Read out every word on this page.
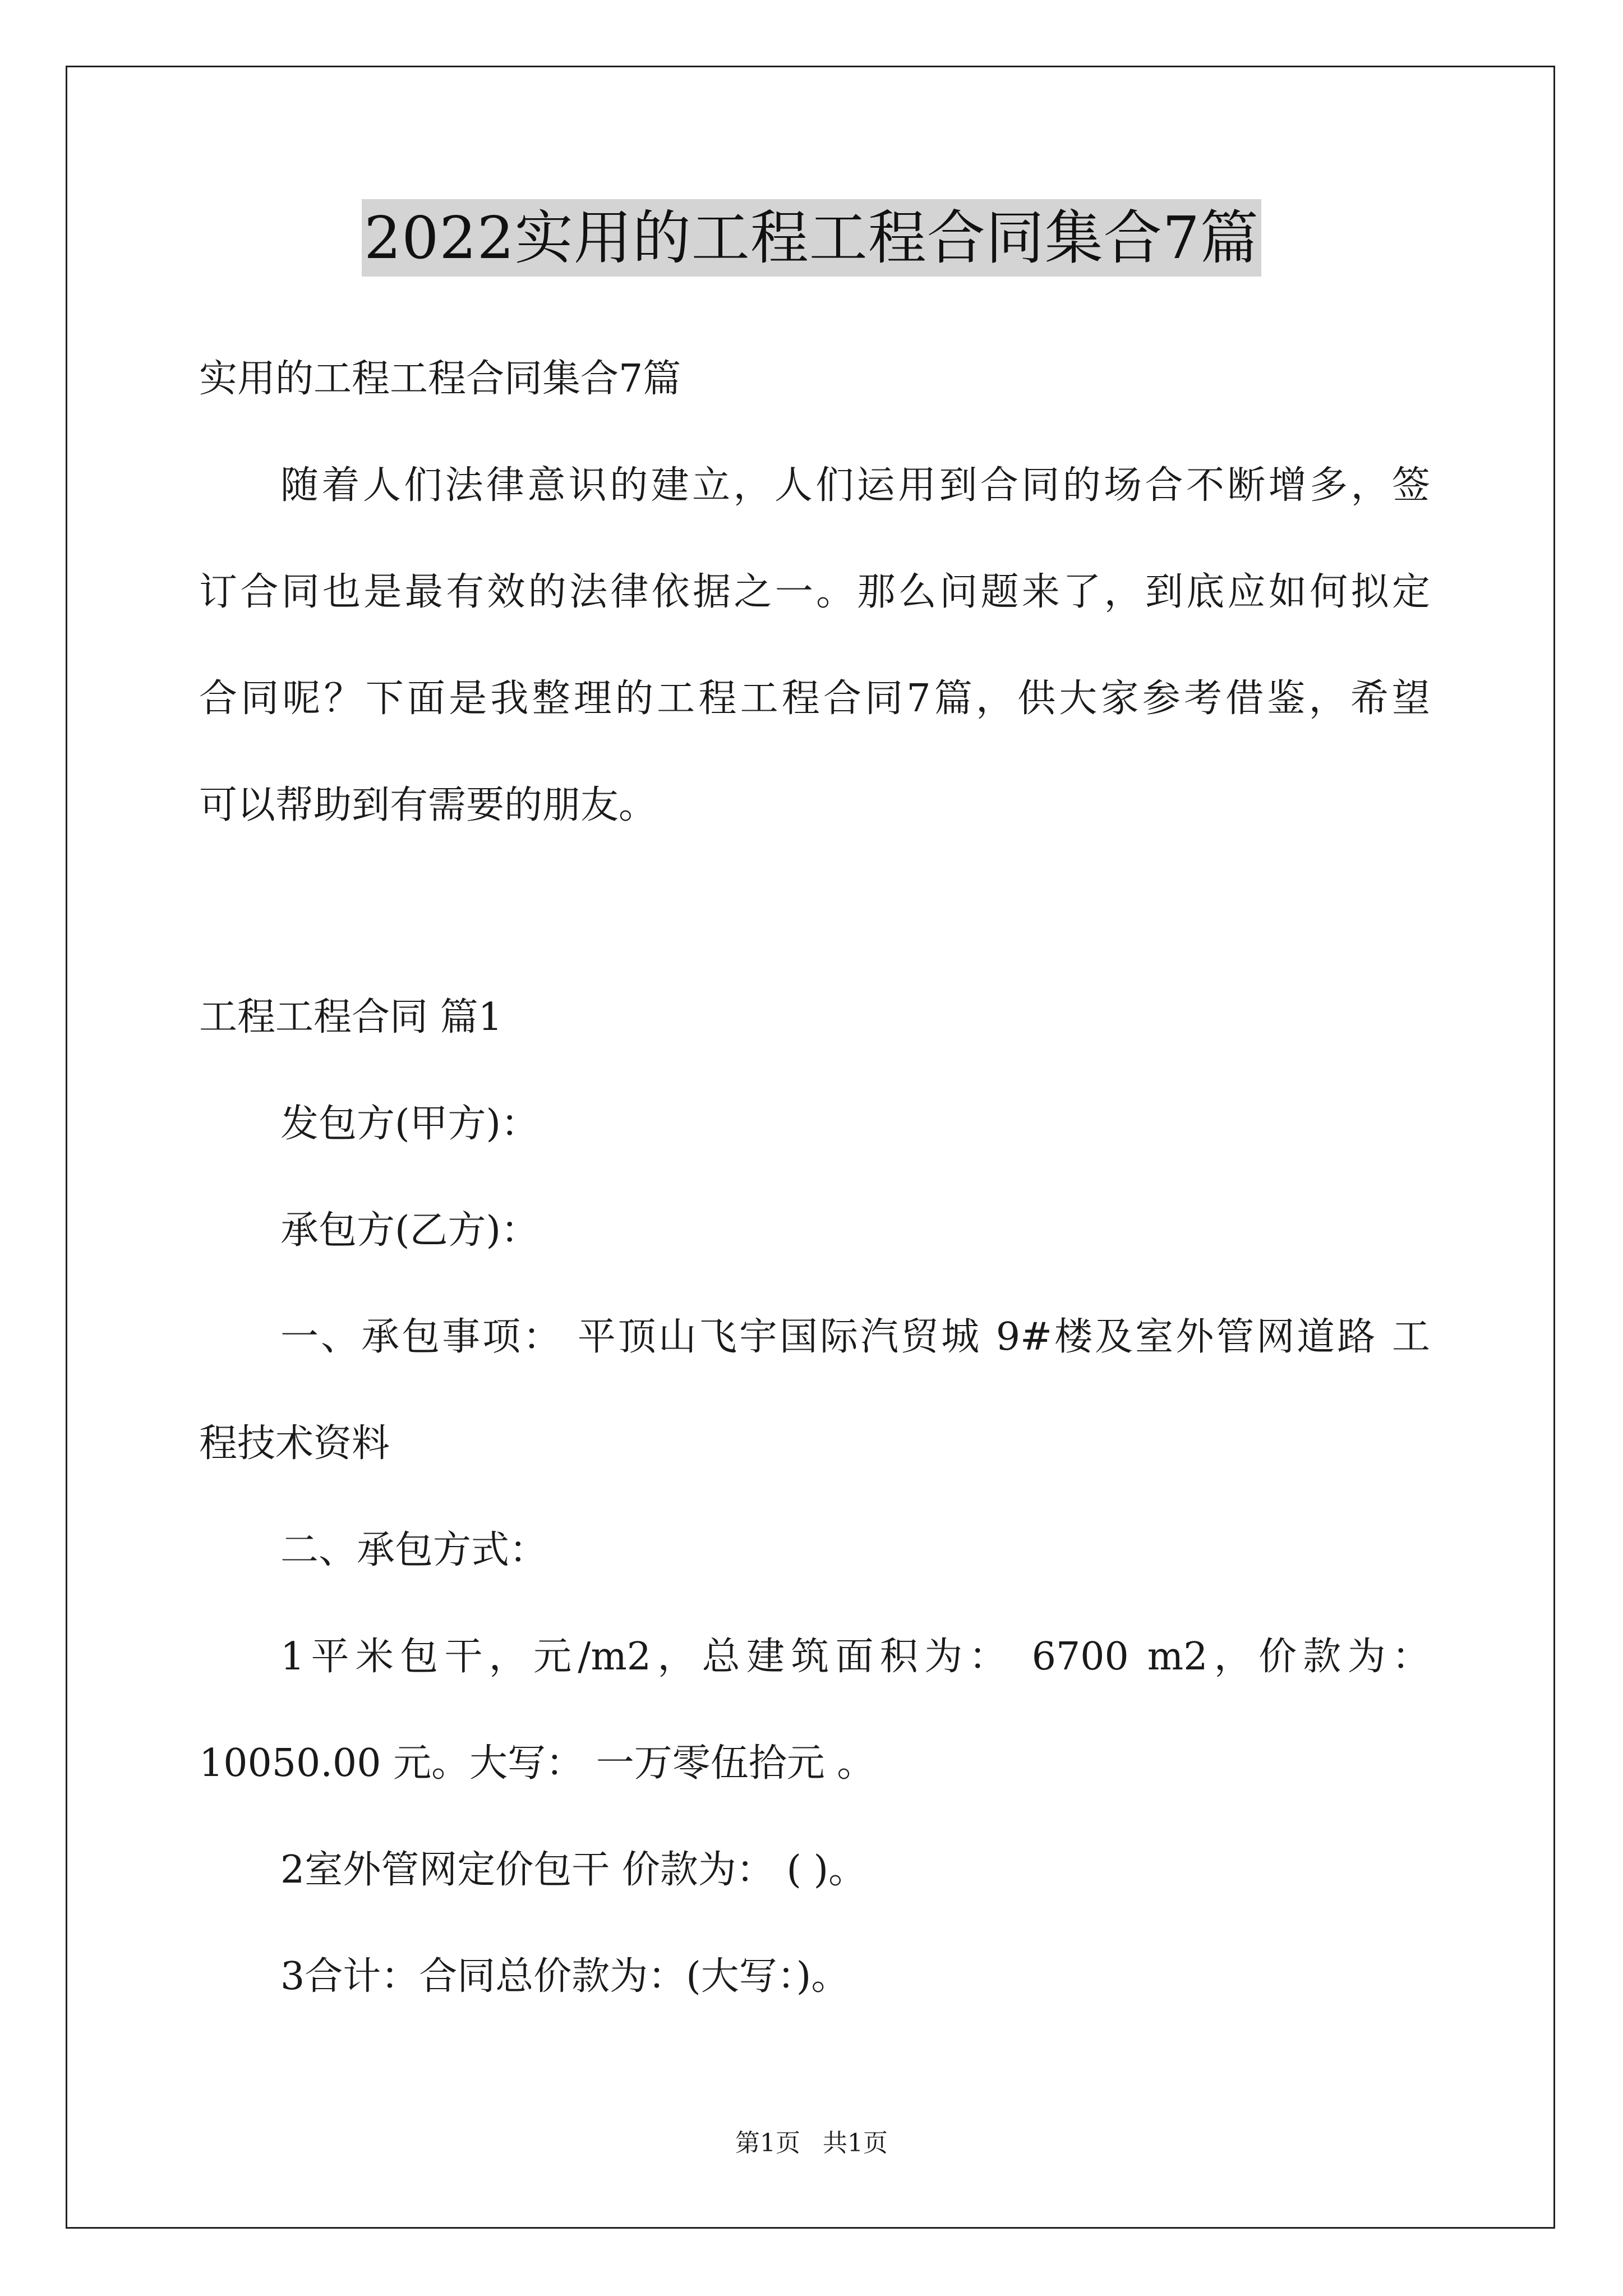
2022实用的工程工程合同集合7篇
实用的工程工程合同集合7篇
随着人们法律意识的建立，人们运用到合同的场合不断增多，签
订合同也是最有效的法律依据之一。那么问题来了，到底应如何拟定
合同呢？下面是我整理的工程工程合同7篇，供大家参考借鉴，希望
可以帮助到有需要的朋友。
工程工程合同 篇1
发包方(甲方)：
承包方(乙方)：
一、承包事项： 平顶山飞宇国际汽贸城 9#楼及室外管网道路 工
程技术资料
二、承包方式：
1平米包干，元/m2，总建筑面积为： 6700 m2，价款为：
10050.00 元。大写： 一万零伍拾元 。
2室外管网定价包干 价款为： ( )。
3合计：合同总价款为：(大写：)。
第1页 共1页
